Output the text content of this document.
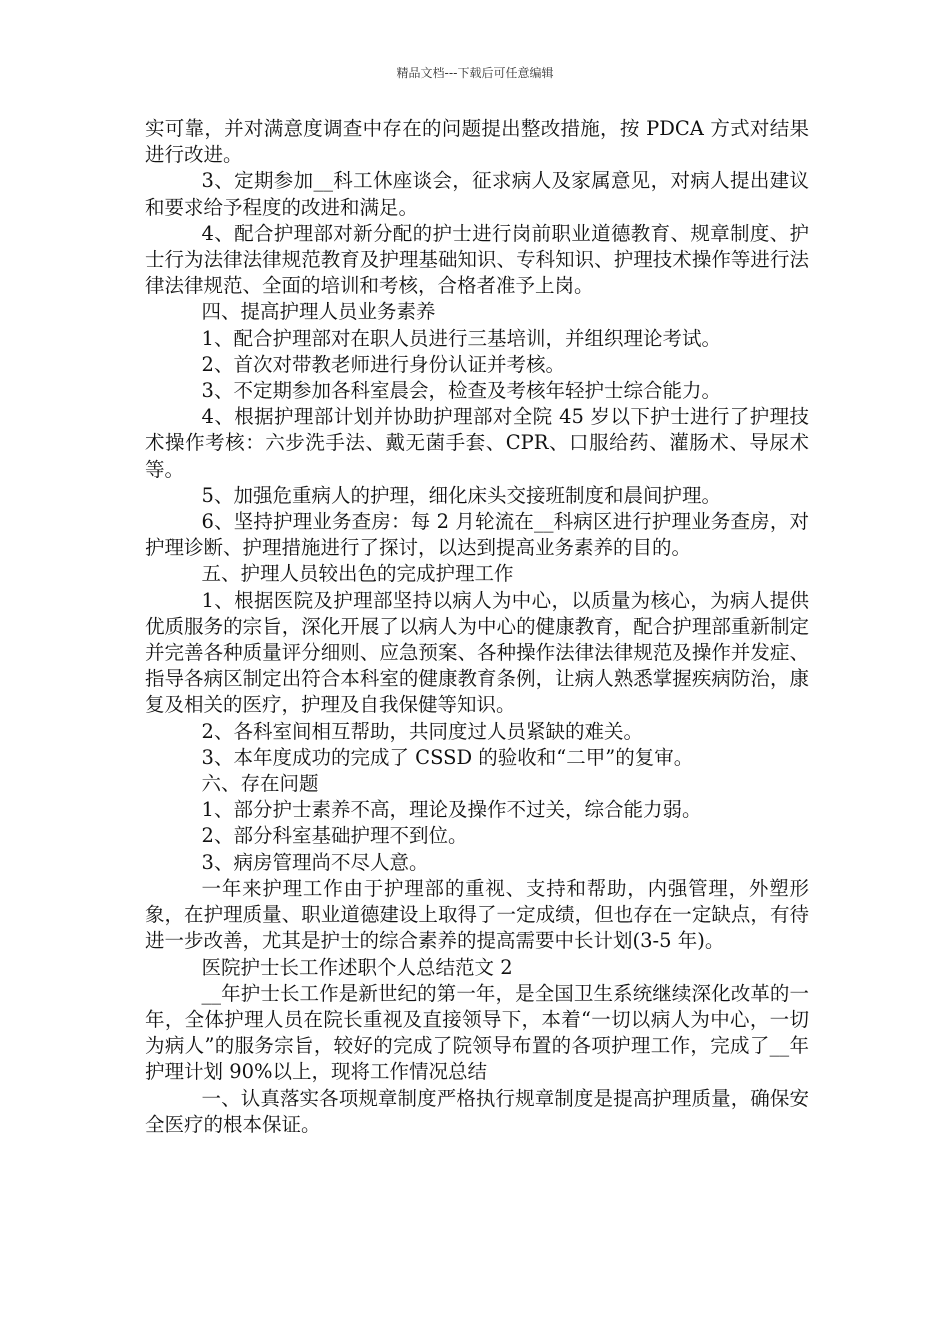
精品文档---下载后可任意编辑

实可靠，并对满意度调查中存在的问题提出整改措施，按 PDCA 方式对结果进行改进。

3、定期参加__科工休座谈会，征求病人及家属意见，对病人提出建议和要求给予程度的改进和满足。

4、配合护理部对新分配的护士进行岗前职业道德教育、规章制度、护士行为法律法律规范教育及护理基础知识、专科知识、护理技术操作等进行法律法律规范、全面的培训和考核，合格者准予上岗。

四、提高护理人员业务素养

1、配合护理部对在职人员进行三基培训，并组织理论考试。

2、首次对带教老师进行身份认证并考核。

3、不定期参加各科室晨会，检查及考核年轻护士综合能力。

4、根据护理部计划并协助护理部对全院 45 岁以下护士进行了护理技术操作考核：六步洗手法、戴无菌手套、CPR、口服给药、灌肠术、导尿术等。

5、加强危重病人的护理，细化床头交接班制度和晨间护理。

6、坚持护理业务查房：每 2 月轮流在__科病区进行护理业务查房，对护理诊断、护理措施进行了探讨，以达到提高业务素养的目的。

五、护理人员较出色的完成护理工作

1、根据医院及护理部坚持以病人为中心，以质量为核心，为病人提供优质服务的宗旨，深化开展了以病人为中心的健康教育，配合护理部重新制定并完善各种质量评分细则、应急预案、各种操作法律法律规范及操作并发症、指导各病区制定出符合本科室的健康教育条例，让病人熟悉掌握疾病防治，康复及相关的医疗，护理及自我保健等知识。

2、各科室间相互帮助，共同度过人员紧缺的难关。

3、本年度成功的完成了 CSSD 的验收和“二甲”的复审。

六、存在问题

1、部分护士素养不高，理论及操作不过关，综合能力弱。

2、部分科室基础护理不到位。

3、病房管理尚不尽人意。

一年来护理工作由于护理部的重视、支持和帮助，内强管理，外塑形象，在护理质量、职业道德建设上取得了一定成绩，但也存在一定缺点，有待进一步改善，尤其是护士的综合素养的提高需要中长计划(3-5 年)。

医院护士长工作述职个人总结范文 2

__年护士长工作是新世纪的第一年，是全国卫生系统继续深化改革的一年，全体护理人员在院长重视及直接领导下，本着“一切以病人为中心，一切为病人”的服务宗旨，较好的完成了院领导布置的各项护理工作，完成了__年护理计划 90%以上，现将工作情况总结

一、认真落实各项规章制度严格执行规章制度是提高护理质量，确保安全医疗的根本保证。
